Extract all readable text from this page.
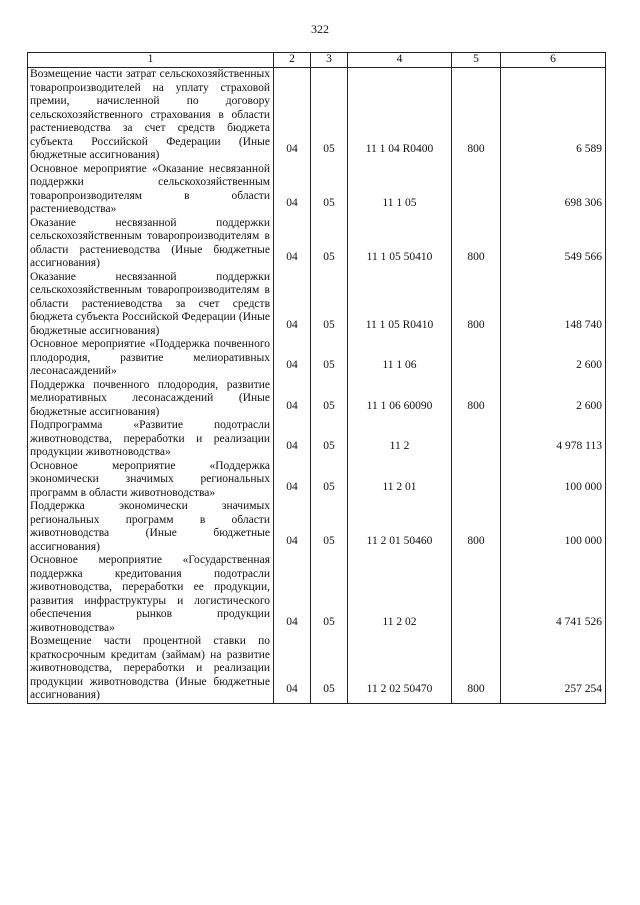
322
1	2	3	4	5	6
Возмещение части затрат сельскохозяйственных товаропроизводителей на уплату страховой премии, начисленной по договору сельскохозяйственного страхования в области растениеводства за счет средств бюджета субъекта Российской Федерации (Иные бюджетные ассигнования)	04	05	11 1 04 R0400	800	6 589
Основное мероприятие «Оказание несвязанной поддержки сельскохозяйственным товаропроизводителям в области растениеводства»	04	05	11 1 05		698 306
Оказание несвязанной поддержки сельскохозяйственным товаропроизводителям в области растениеводства (Иные бюджетные ассигнования)	04	05	11 1 05 50410	800	549 566
Оказание несвязанной поддержки сельскохозяйственным товаропроизводителям в области растениеводства за счет средств бюджета субъекта Российской Федерации (Иные бюджетные ассигнования)	04	05	11 1 05 R0410	800	148 740
Основное мероприятие «Поддержка почвенного плодородия, развитие мелиоративных лесонасаждений»	04	05	11 1 06		2 600
Поддержка почвенного плодородия, развитие мелиоративных лесонасаждений (Иные бюджетные ассигнования)	04	05	11 1 06 60090	800	2 600
Подпрограмма «Развитие подотрасли животноводства, переработки и реализации продукции животноводства»	04	05	11 2		4 978 113
Основное мероприятие «Поддержка экономически значимых региональных программ в области животноводства»	04	05	11 2 01		100 000
Поддержка экономически значимых региональных программ в области животноводства (Иные бюджетные ассигнования)	04	05	11 2 01 50460	800	100 000
Основное мероприятие «Государственная поддержка кредитования подотрасли животноводства, переработки ее продукции, развития инфраструктуры и логистического обеспечения рынков продукции животноводства»	04	05	11 2 02		4 741 526
Возмещение части процентной ставки по краткосрочным кредитам (займам) на развитие животноводства, переработки и реализации продукции животноводства (Иные бюджетные ассигнования)	04	05	11 2 02 50470	800	257 254
